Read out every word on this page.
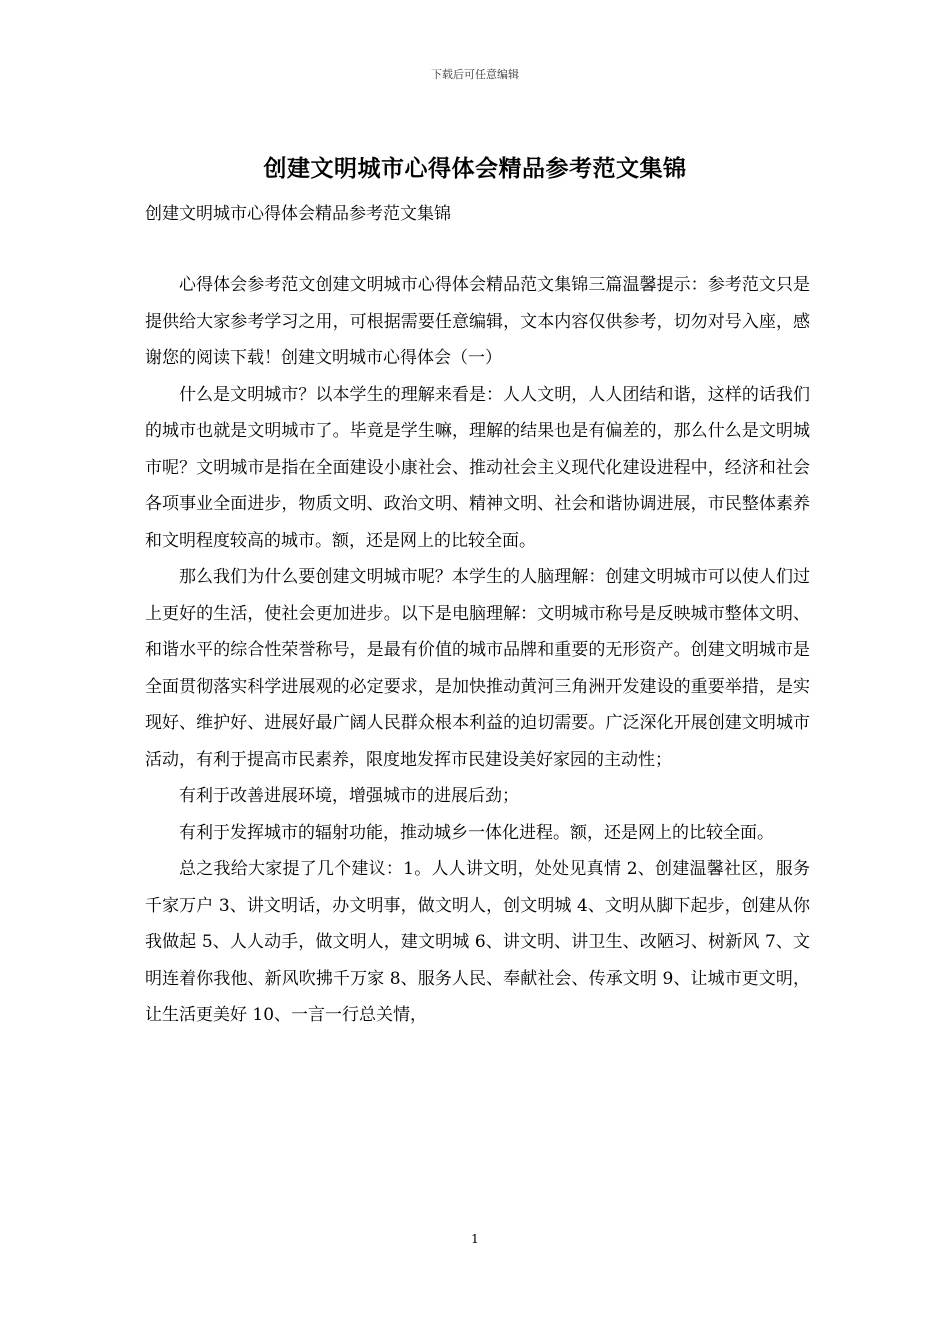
下载后可任意编辑
创建文明城市心得体会精品参考范文集锦

创建文明城市心得体会精品参考范文集锦

心得体会参考范文创建文明城市心得体会精品范文集锦三篇温馨提示：参考范文只是提供给大家参考学习之用，可根据需要任意编辑，文本内容仅供参考，切勿对号入座，感谢您的阅读下载！创建文明城市心得体会（一）

什么是文明城市？以本学生的理解来看是：人人文明，人人团结和谐，这样的话我们的城市也就是文明城市了。毕竟是学生嘛，理解的结果也是有偏差的，那么什么是文明城市呢？文明城市是指在全面建设小康社会、推动社会主义现代化建设进程中，经济和社会各项事业全面进步，物质文明、政治文明、精神文明、社会和谐协调进展，市民整体素养和文明程度较高的城市。额，还是网上的比较全面。

那么我们为什么要创建文明城市呢？本学生的人脑理解：创建文明城市可以使人们过上更好的生活，使社会更加进步。以下是电脑理解：文明城市称号是反映城市整体文明、和谐水平的综合性荣誉称号，是最有价值的城市品牌和重要的无形资产。创建文明城市是全面贯彻落实科学进展观的必定要求，是加快推动黄河三角洲开发建设的重要举措，是实现好、维护好、进展好最广阔人民群众根本利益的迫切需要。广泛深化开展创建文明城市活动，有利于提高市民素养，限度地发挥市民建设美好家园的主动性；

有利于改善进展环境，增强城市的进展后劲；

有利于发挥城市的辐射功能，推动城乡一体化进程。额，还是网上的比较全面。

总之我给大家提了几个建议：1。人人讲文明，处处见真情 2、创建温馨社区，服务千家万户 3、讲文明话，办文明事，做文明人，创文明城 4、文明从脚下起步，创建从你我做起 5、人人动手，做文明人，建文明城 6、讲文明、讲卫生、改陋习、树新风 7、文明连着你我他、新风吹拂千万家 8、服务人民、奉献社会、传承文明 9、让城市更文明，让生活更美好 10、一言一行总关情，

1
